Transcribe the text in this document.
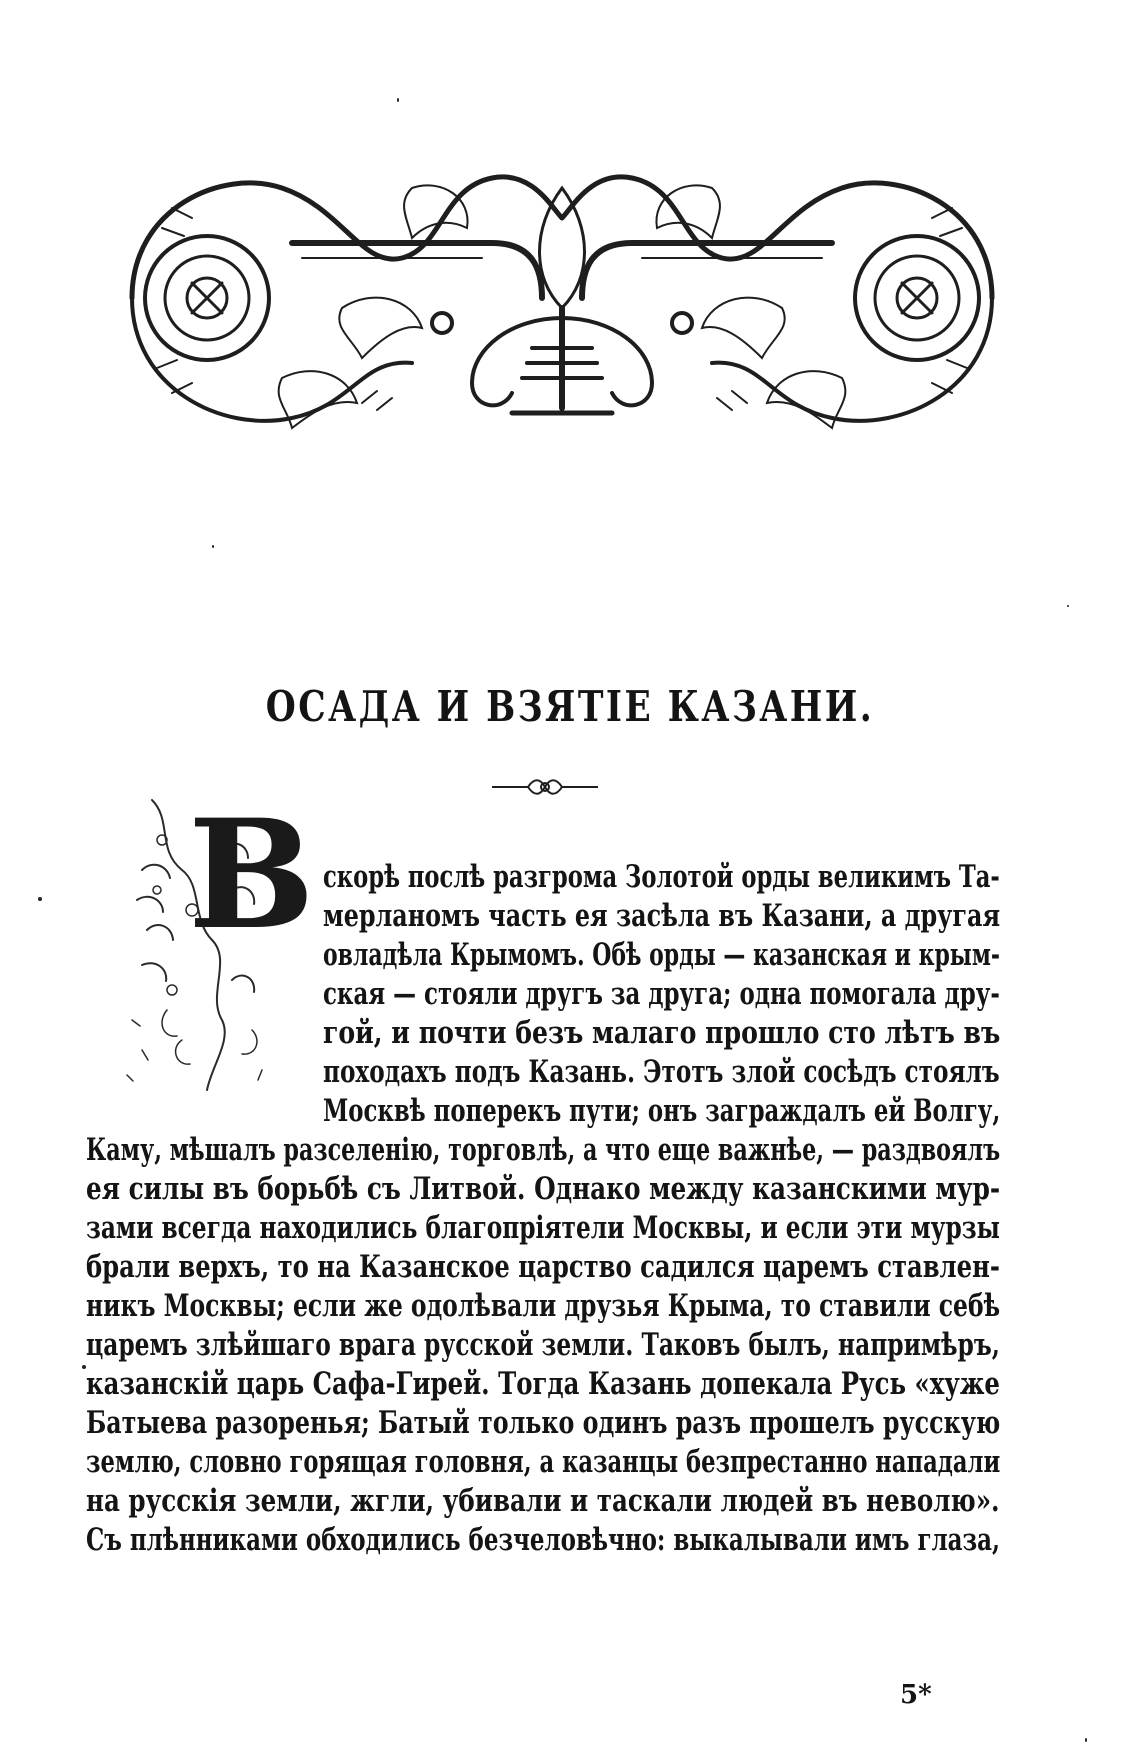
ОСАДА И ВЗЯТІЕ КАЗАНИ.
В скорѣ послѣ разгрома Золотой орды великимъ Та-
мерланомъ часть ея засѣла въ Казани, а другая
овладѣла Крымомъ. Обѣ орды — казанская и крым-
ская — стояли другъ за друга; одна помогала дру-
гой, и почти безъ малаго прошло сто лѣтъ въ
походахъ подъ Казань. Этотъ злой сосѣдъ стоялъ
Москвѣ поперекъ пути; онъ заграждалъ ей Волгу,
Каму, мѣшалъ разселенію, торговлѣ, а что еще важнѣе, — раздвоялъ
ея силы въ борьбѣ съ Литвой. Однако между казанскими мур-
зами всегда находились благопріятели Москвы, и если эти мурзы
брали верхъ, то на Казанское царство садился царемъ ставлен-
никъ Москвы; если же одолѣвали друзья Крыма, то ставили себѣ
царемъ злѣйшаго врага русской земли. Таковъ былъ, напримѣръ,
казанскій царь Сафа-Гирей. Тогда Казань допекала Русь «хуже
Батыева разоренья; Батый только одинъ разъ прошелъ русскую
землю, словно горящая головня, а казанцы безпрестанно нападали
на русскія земли, жгли, убивали и таскали людей въ неволю».
Съ плѣнниками обходились безчеловѣчно: выкалывали имъ глаза,
5*
